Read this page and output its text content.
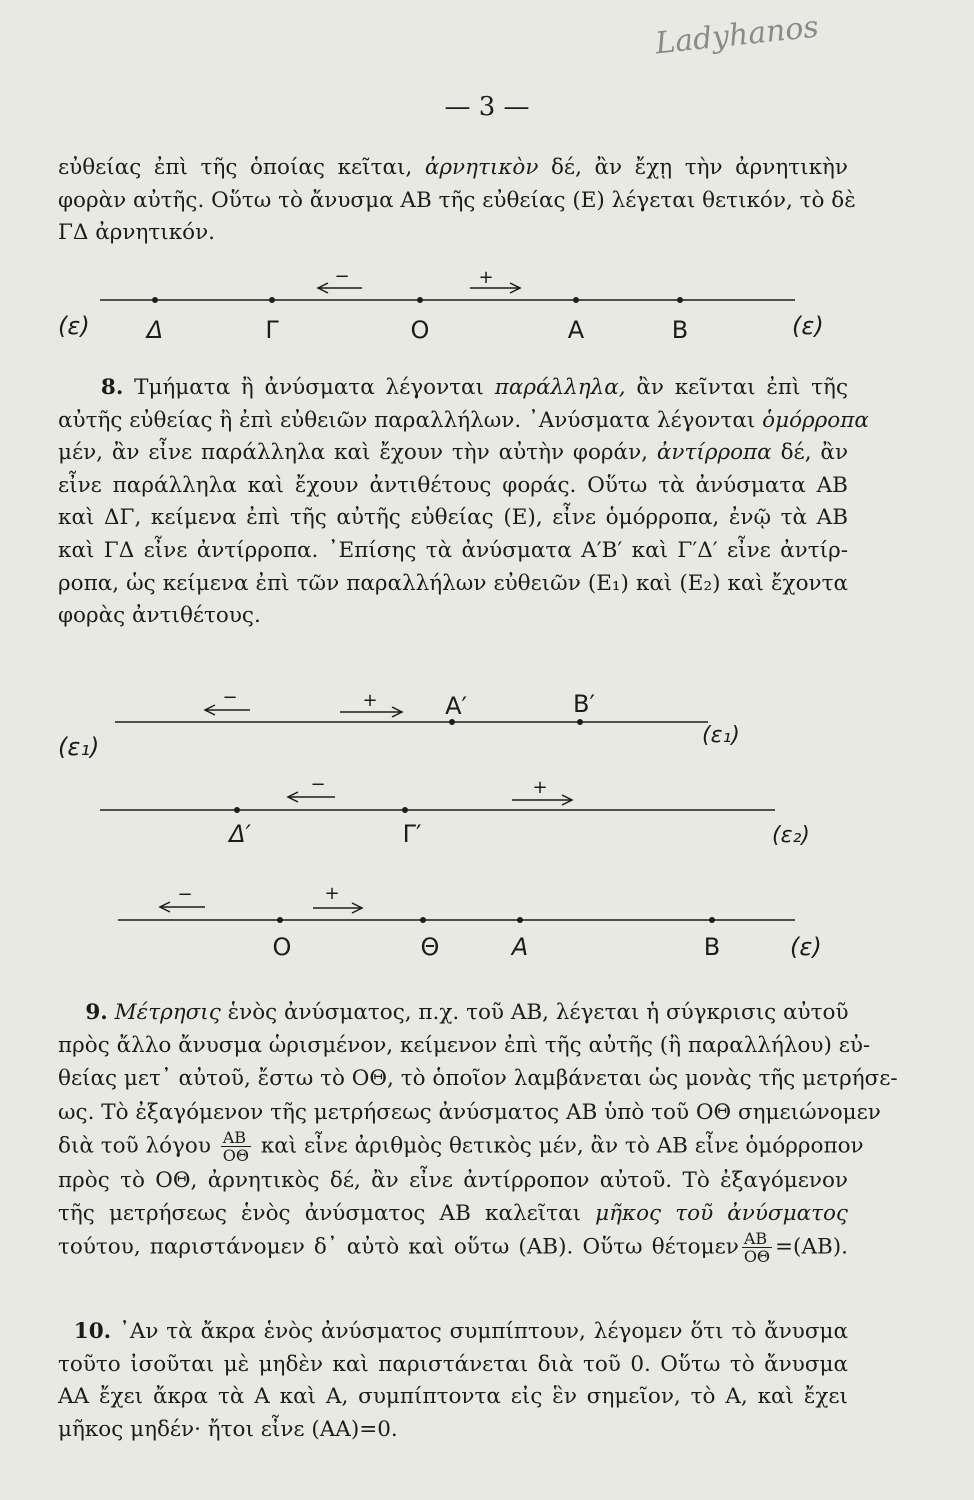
Ladyhanos
— 3 —
εὐθείας ἐπὶ τῆς ὁποίας κεῖται, ἀρνητικὸν δέ, ἂν ἔχῃ τὴν ἀρνητικὴν
φορὰν αὐτῆς. Οὕτω τὸ ἄνυσμα ΑΒ τῆς εὐθείας (Ε) λέγεται θετικόν, τὸ δὲ
ΓΔ ἀρνητικόν.
−	+
(ε)	(ε)
Δ	Γ	Ο	Α	Β
−	+	Α′	Β′
(ε₁)	(ε₁)
−	+
Δ′	Γ′	(ε₂)
−	+
Ο	Θ	Α	Β	(ε)
8. Τμήματα ἢ ἀνύσματα λέγονται παράλληλα, ἂν κεῖνται ἐπὶ τῆς
αὐτῆς εὐθείας ἢ ἐπὶ εὐθειῶν παραλλήλων. ᾽Ανύσματα λέγονται ὁμόρροπα
μέν, ἂν εἶνε παράλληλα καὶ ἔχουν τὴν αὐτὴν φοράν, ἀντίρροπα δέ, ἂν
εἶνε παράλληλα καὶ ἔχουν ἀντιθέτους φοράς. Οὕτω τὰ ἀνύσματα ΑΒ
καὶ ΔΓ, κείμενα ἐπὶ τῆς αὐτῆς εὐθείας (Ε), εἶνε ὁμόρροπα, ἐνῷ τὰ ΑΒ
καὶ ΓΔ εἶνε ἀντίρροπα. ᾽Επίσης τὰ ἀνύσματα Α′Β′ καὶ Γ′Δ′ εἶνε ἀντίρ-
ροπα, ὡς κείμενα ἐπὶ τῶν παραλλήλων εὐθειῶν (Ε₁) καὶ (Ε₂) καὶ ἔχοντα
φορὰς ἀντιθέτους.
9. Μέτρησις ἑνὸς ἀνύσματος, π.χ. τοῦ ΑΒ, λέγεται ἡ σύγκρισις αὐτοῦ
πρὸς ἄλλο ἄνυσμα ὡρισμένον, κείμενον ἐπὶ τῆς αὐτῆς (ἢ παραλλήλου) εὐ-
θείας μετ᾽ αὐτοῦ, ἔστω τὸ ΟΘ, τὸ ὁποῖον λαμβάνεται ὡς μονὰς τῆς μετρήσε-
ως. Τὸ ἐξαγόμενον τῆς μετρήσεως ἀνύσματος ΑΒ ὑπὸ τοῦ ΟΘ σημειώνομεν
διὰ τοῦ λόγου $\frac{AB}{O\Theta}$ καὶ εἶνε ἀριθμὸς θετικὸς μέν, ἂν τὸ ΑΒ εἶνε ὁμόρροπον
πρὸς τὸ ΟΘ, ἀρνητικὸς δέ, ἂν εἶνε ἀντίρροπον αὐτοῦ. Τὸ ἐξαγόμενον
τῆς μετρήσεως ἑνὸς ἀνύσματος ΑΒ καλεῖται μῆκος τοῦ ἀνύσματος
τούτου, παριστάνομεν δ᾽ αὐτὸ καὶ οὕτω (ΑΒ). Οὕτω θέτομεν $\frac{AB}{O\Theta} =(AB)$.
10. ᾽Αν τὰ ἄκρα ἑνὸς ἀνύσματος συμπίπτουν, λέγομεν ὅτι τὸ ἄνυσμα
τοῦτο ἰσοῦται μὲ μηδὲν καὶ παριστάνεται διὰ τοῦ 0. Οὕτω τὸ ἄνυσμα
ΑΑ ἔχει ἄκρα τὰ Α καὶ Α, συμπίπτοντα εἰς ἓν σημεῖον, τὸ Α, καὶ ἔχει
μῆκος μηδέν· ἤτοι εἶνε (ΑΑ)=0.
